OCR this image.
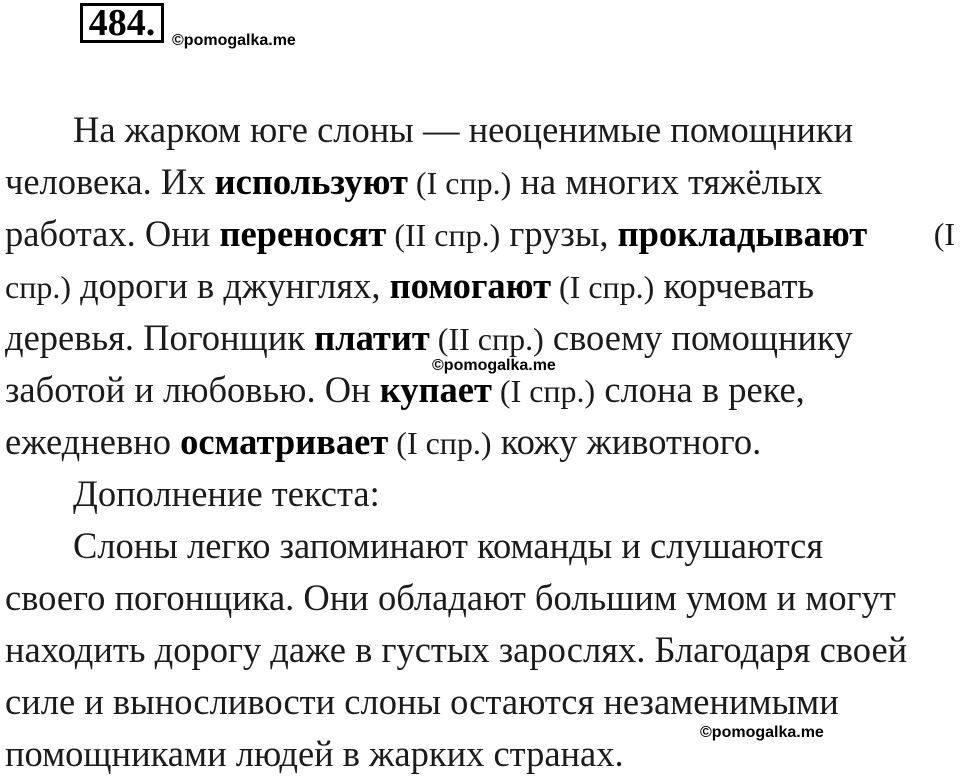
484.	©pomogalka.me
На жарком юге слоны — неоценимые помощники
человека. Их используют (I спр.) на многих тяжёлых
работах. Они переносят (II спр.) грузы, прокладывают (I
спр.) дороги в джунглях, помогают (I спр.) корчевать
деревья. Погонщик платит (II спр.) своему помощнику
заботой и любовью. Он купает (I спр.) слона в реке,
ежедневно осматривает (I спр.) кожу животного.
Дополнение текста:
Слоны легко запоминают команды и слушаются
своего погонщика. Они обладают большим умом и могут
находить дорогу даже в густых зарослях. Благодаря своей
силе и выносливости слоны остаются незаменимыми
помощниками людей в жарких странах.
©pomogalka.me
©pomogalka.me
